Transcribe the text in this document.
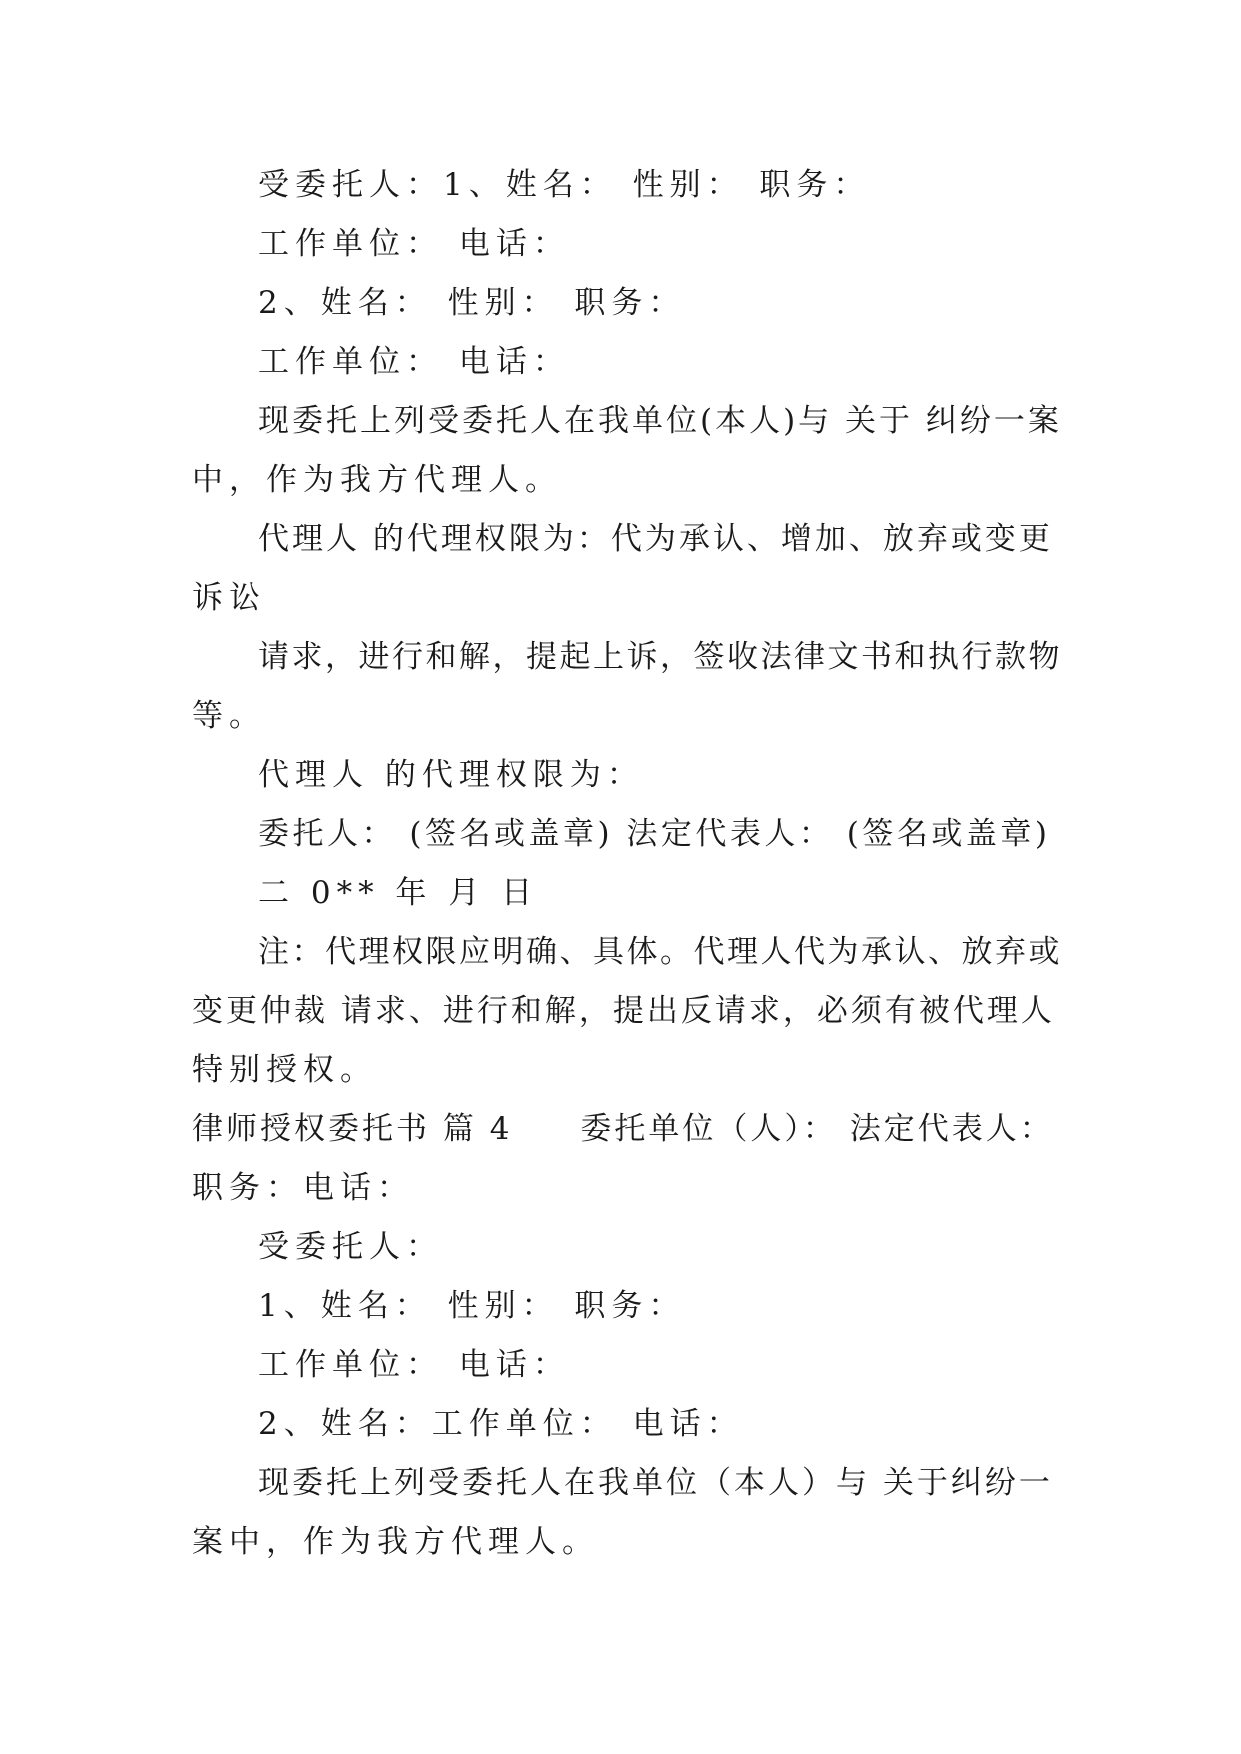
受委托人：1、姓名： 性别： 职务：
工作单位： 电话：
2、姓名： 性别： 职务：
工作单位： 电话：
现委托上列受委托人在我单位(本人)与 关于 纠纷一案
中，作为我方代理人。
代理人 的代理权限为：代为承认、增加、放弃或变更
诉讼
请求，进行和解，提起上诉，签收法律文书和执行款物
等。
代理人 的代理权限为：
委托人： (签名或盖章) 法定代表人： (签名或盖章)
二 0** 年 月 日
注：代理权限应明确、具体。代理人代为承认、放弃或
变更仲裁 请求、进行和解，提出反请求，必须有被代理人
特别授权。
律师授权委托书 篇 4　　委托单位（人）： 法定代表人：
职务：电话：
受委托人：
1、姓名： 性别： 职务：
工作单位： 电话：
2、姓名：工作单位： 电话：
现委托上列受委托人在我单位（本人）与 关于纠纷一
案中，作为我方代理人。
